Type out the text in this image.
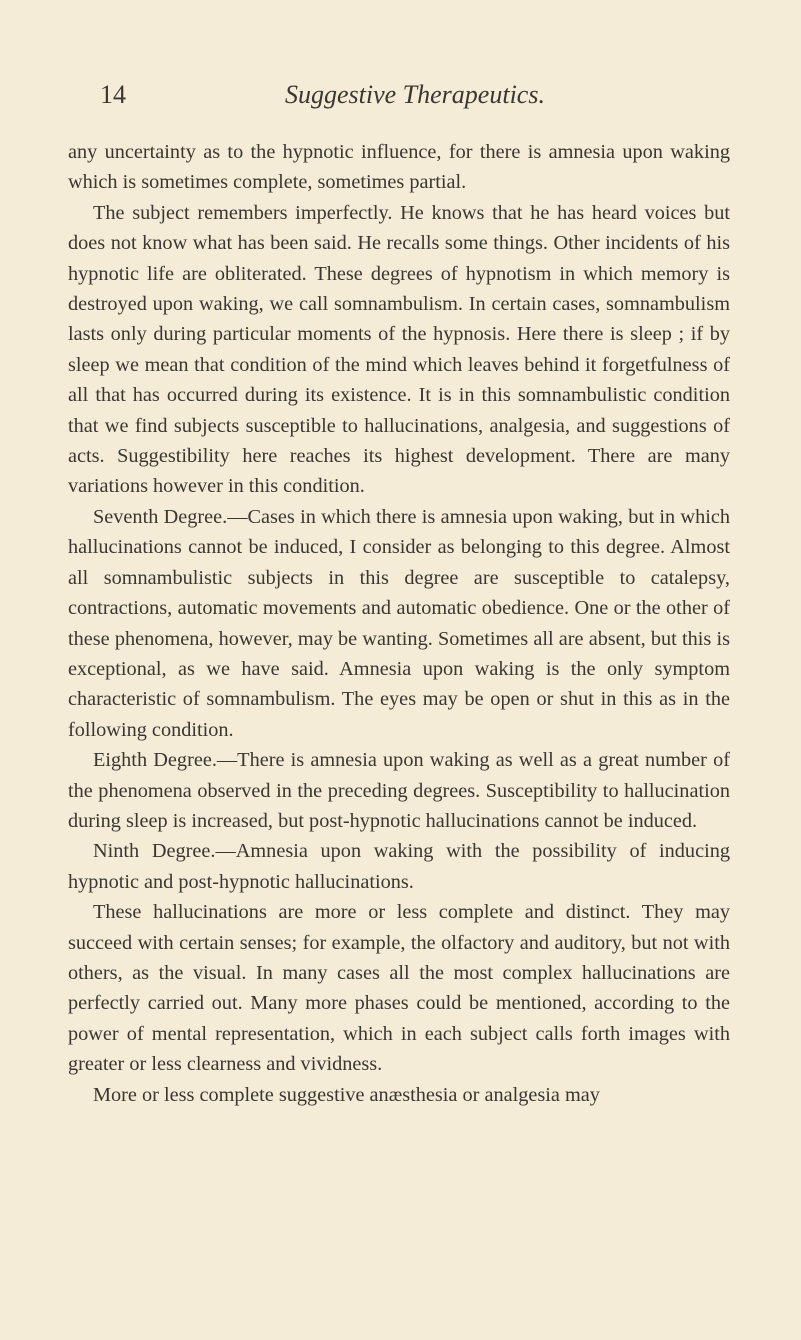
14	Suggestive Therapeutics.

any uncertainty as to the hypnotic influence, for there is amnesia upon waking which is sometimes complete, sometimes partial.

The subject remembers imperfectly. He knows that he has heard voices but does not know what has been said. He recalls some things. Other incidents of his hypnotic life are obliterated. These degrees of hypnotism in which memory is destroyed upon waking, we call somnambulism. In certain cases, somnambulism lasts only during particular moments of the hypnosis. Here there is sleep ; if by sleep we mean that condition of the mind which leaves behind it forgetfulness of all that has occurred during its existence. It is in this somnambulistic condition that we find subjects susceptible to hallucinations, analgesia, and suggestions of acts. Suggestibility here reaches its highest development. There are many variations however in this condition.

Seventh Degree.—Cases in which there is amnesia upon waking, but in which hallucinations cannot be induced, I consider as belonging to this degree. Almost all somnambulistic subjects in this degree are susceptible to catalepsy, contractions, automatic movements and automatic obedience. One or the other of these phenomena, however, may be wanting. Sometimes all are absent, but this is exceptional, as we have said. Amnesia upon waking is the only symptom characteristic of somnambulism. The eyes may be open or shut in this as in the following condition.

Eighth Degree.—There is amnesia upon waking as well as a great number of the phenomena observed in the preceding degrees. Susceptibility to hallucination during sleep is increased, but post-hypnotic hallucinations cannot be induced.

Ninth Degree.—Amnesia upon waking with the possibility of inducing hypnotic and post-hypnotic hallucinations.

These hallucinations are more or less complete and distinct. They may succeed with certain senses; for example, the olfactory and auditory, but not with others, as the visual. In many cases all the most complex hallucinations are perfectly carried out. Many more phases could be mentioned, according to the power of mental representation, which in each subject calls forth images with greater or less clearness and vividness.

More or less complete suggestive anæsthesia or analgesia may
